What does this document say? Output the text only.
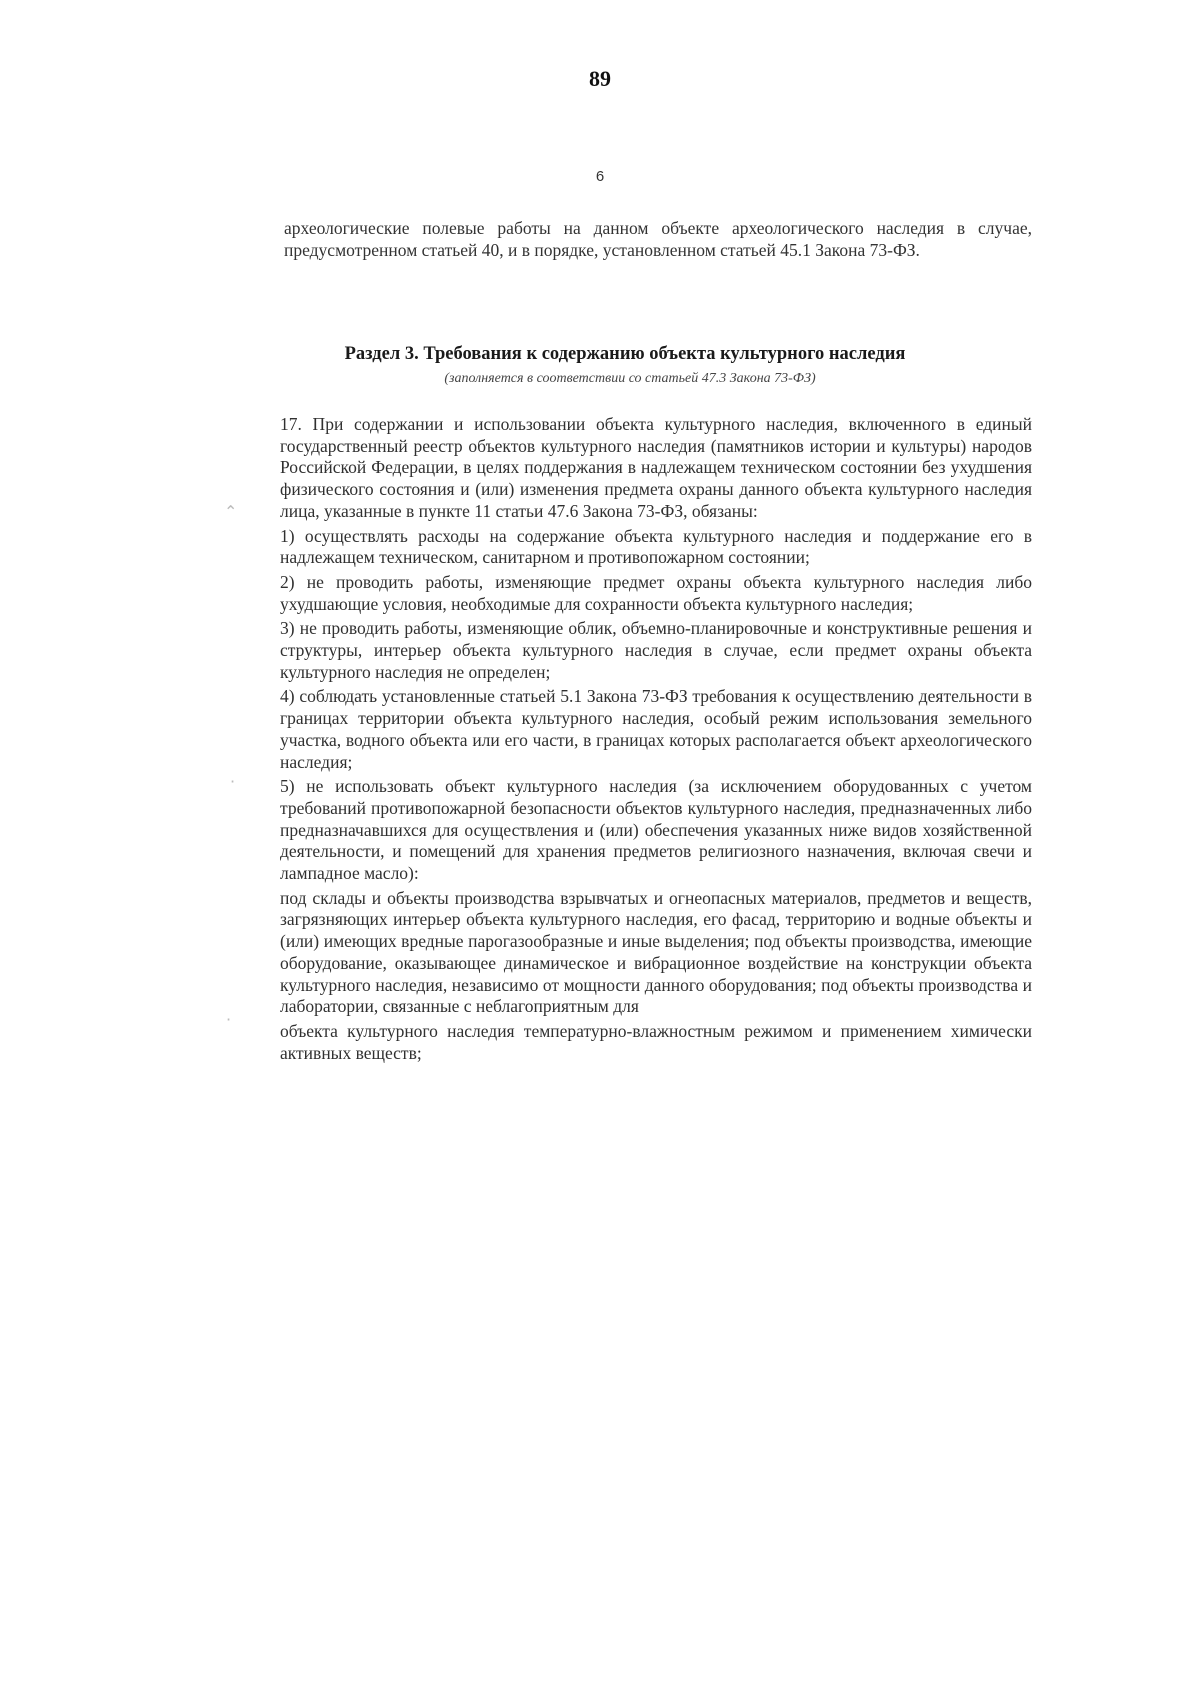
89
6
археологические полевые работы на данном объекте археологического наследия в случае, предусмотренном статьей 40, и в порядке, установленном статьей 45.1 Закона 73-ФЗ.
Раздел 3. Требования к содержанию объекта культурного наследия
(заполняется в соответствии со статьей 47.3 Закона 73-ФЗ)

17. При содержании и использовании объекта культурного наследия, включенного в единый государственный реестр объектов культурного наследия (памятников истории и культуры) народов Российской Федерации, в целях поддержания в надлежащем техническом состоянии без ухудшения физического состояния и (или) изменения предмета охраны данного объекта культурного наследия лица, указанные в пункте 11 статьи 47.6 Закона 73-ФЗ, обязаны:

1) осуществлять расходы на содержание объекта культурного наследия и поддержание его в надлежащем техническом, санитарном и противопожарном состоянии;

2) не проводить работы, изменяющие предмет охраны объекта культурного наследия либо ухудшающие условия, необходимые для сохранности объекта культурного наследия;

3) не проводить работы, изменяющие облик, объемно-планировочные и конструктивные решения и структуры, интерьер объекта культурного наследия в случае, если предмет охраны объекта культурного наследия не определен;

4) соблюдать установленные статьей 5.1 Закона 73-ФЗ требования к осуществлению деятельности в границах территории объекта культурного наследия, особый режим использования земельного участка, водного объекта или его части, в границах которых располагается объект археологического наследия;

5) не использовать объект культурного наследия (за исключением оборудованных с учетом требований противопожарной безопасности объектов культурного наследия, предназначенных либо предназначавшихся для осуществления и (или) обеспечения указанных ниже видов хозяйственной деятельности, и помещений для хранения предметов религиозного назначения, включая свечи и лампадное масло):

под склады и объекты производства взрывчатых и огнеопасных материалов, предметов и веществ, загрязняющих интерьер объекта культурного наследия, его фасад, территорию и водные объекты и (или) имеющих вредные парогазообразные и иные выделения; под объекты производства, имеющие оборудование, оказывающее динамическое и вибрационное воздействие на конструкции объекта культурного наследия, независимо от мощности данного оборудования; под объекты производства и лаборатории, связанные с неблагоприятным для

объекта культурного наследия температурно-влажностным режимом и применением химически активных веществ;

⌃
·
·
